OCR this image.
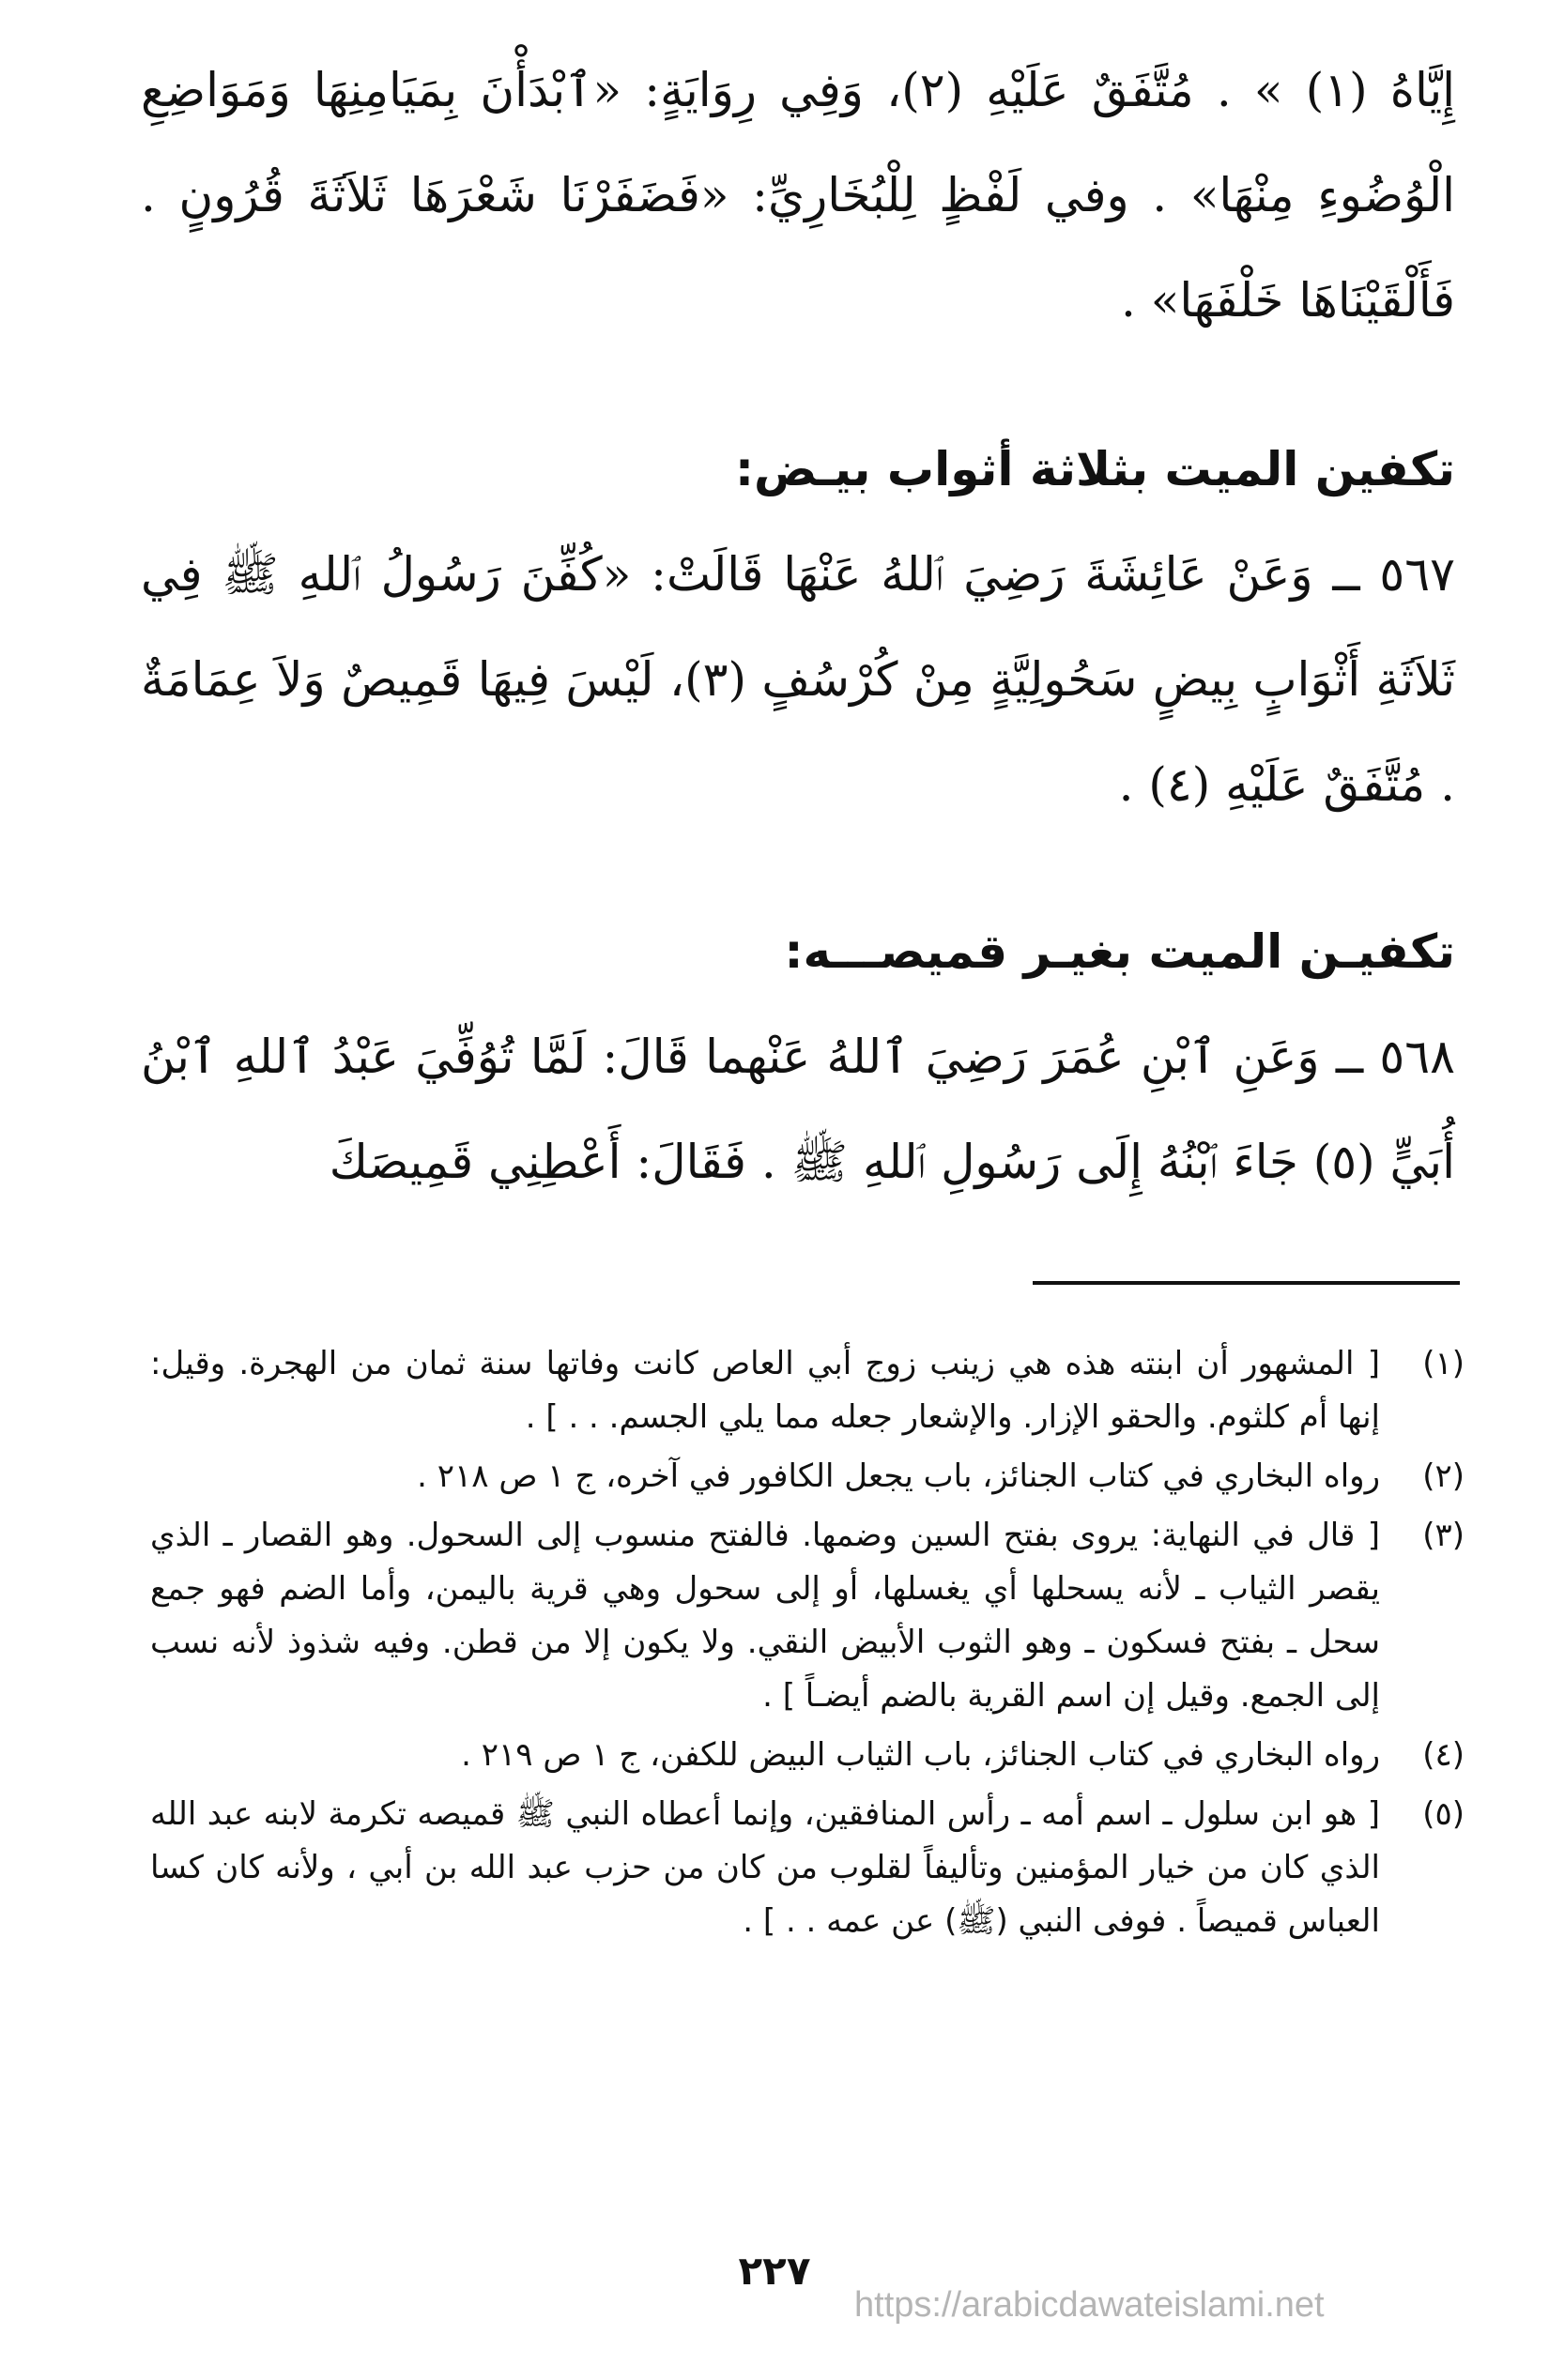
إِيَّاهُ (١) » . مُتَّفَقٌ عَلَيْهِ (٢)، وَفِي رِوَايَةٍ: «ٱبْدَأْنَ بِمَيَامِنِهَا وَمَوَاضِعِ الْوُضُوءِ مِنْهَا» . وفي لَفْظٍ لِلْبُخَارِيِّ: «فَضَفَرْنَا شَعْرَهَا ثَلاَثَةَ قُرُونٍ . فَأَلْقَيْنَاهَا خَلْفَهَا» .

تكفين الميت بثلاثة أثواب بيـض:

٥٦٧ ــ وَعَنْ عَائِشَةَ رَضِيَ ٱللهُ عَنْهَا قَالَتْ: «كُفِّنَ رَسُولُ ٱللهِ ﷺ فِي ثَلاَثَةِ أَثْوَابٍ بِيضٍ سَحُولِيَّةٍ مِنْ كُرْسُفٍ (٣)، لَيْسَ فِيهَا قَمِيصٌ وَلاَ عِمَامَةٌ . مُتَّفَقٌ عَلَيْهِ (٤) .

تكفيـن الميت بغيـر قميصـــه:

٥٦٨ ــ وَعَنِ ٱبْنِ عُمَرَ رَضِيَ ٱللهُ عَنْهما قَالَ: لَمَّا تُوُفِّيَ عَبْدُ ٱللهِ ٱبْنُ أُبَيٍّ (٥) جَاءَ ٱبْنُهُ إِلَى رَسُولِ ٱللهِ ﷺ . فَقَالَ: أَعْطِنِي قَمِيصَكَ

(١)
[ المشهور أن ابنته هذه هي زينب زوج أبي العاص كانت وفاتها سنة ثمان من الهجرة. وقيل: إنها أم كلثوم. والحقو الإزار. والإشعار جعله مما يلي الجسم. . . ] .
(٢)
رواه البخاري في كتاب الجنائز، باب يجعل الكافور في آخره، ج ١ ص ٢١٨ .
(٣)
[ قال في النهاية: يروى بفتح السين وضمها. فالفتح منسوب إلى السحول. وهو القصار ـ الذي يقصر الثياب ـ لأنه يسحلها أي يغسلها، أو إلى سحول وهي قرية باليمن، وأما الضم فهو جمع سحل ـ بفتح فسكون ـ وهو الثوب الأبيض النقي. ولا يكون إلا من قطن. وفيه شذوذ لأنه نسب إلى الجمع. وقيل إن اسم القرية بالضم أيضـاً ] .
(٤)
رواه البخاري في كتاب الجنائز، باب الثياب البيض للكفن، ج ١ ص ٢١٩ .
(٥)
[ هو ابن سلول ـ اسم أمه ـ رأس المنافقين، وإنما أعطاه النبي ﷺ قميصه تكرمة لابنه عبد الله الذي كان من خيار المؤمنين وتأليفاً لقلوب من كان من حزب عبد الله بن أبي ، ولأنه كان كسا العباس قميصاً . فوفى النبي (ﷺ) عن عمه . . ] .
٢٢٧
https://arabicdawateislami.net
